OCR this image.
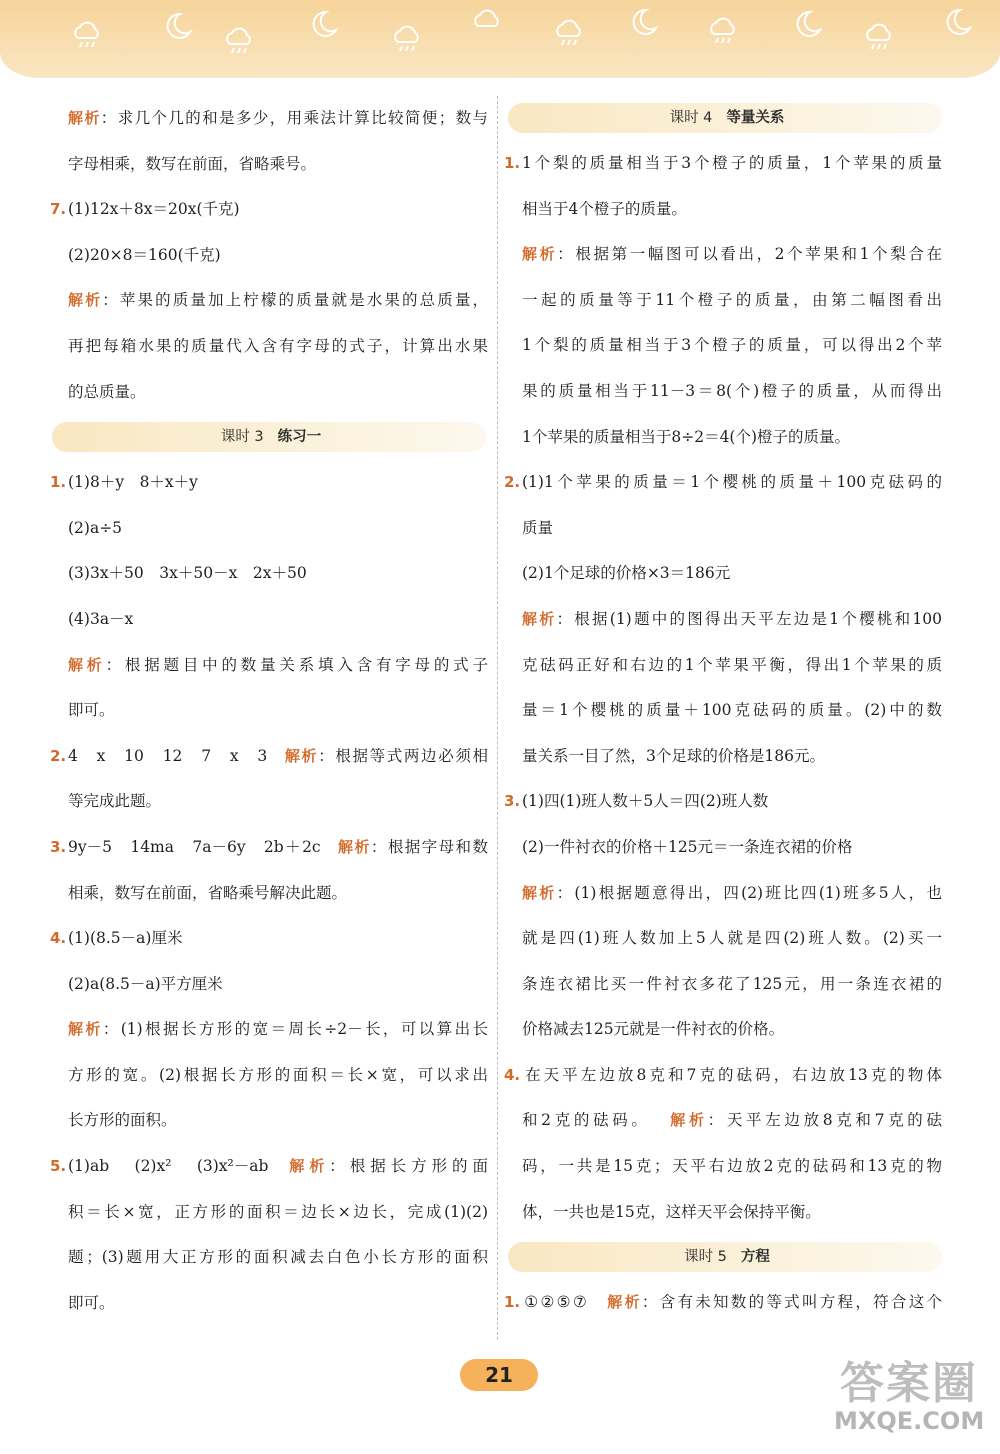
解析：求几个几的和是多少，用乘法计算比较简便；数与
字母相乘，数写在前面，省略乘号。
7. (1)12x＋8x＝20x(千克)
(2)20×8＝160(千克)
解析：苹果的质量加上柠檬的质量就是水果的总质量，
再把每箱水果的质量代入含有字母的式子，计算出水果
的总质量。
课时 3 练习一
1. (1)8＋y　8＋x＋y
(2)a÷5
(3)3x＋50　3x＋50－x　2x＋50
(4)3a－x
解析：根据题目中的数量关系填入含有字母的式子
即可。
2. 4　x　10　12　7　x　3 解析：根据等式两边必须相
等完成此题。
3. 9y－5　14ma　7a－6y　2b＋2c 解析：根据字母和数
相乘，数写在前面，省略乘号解决此题。
4. (1)(8.5－a)厘米
(2)a(8.5－a)平方厘米
解析：(1)根据长方形的宽＝周长÷2－长，可以算出长
方形的宽。(2)根据长方形的面积＝长×宽，可以求出
长方形的面积。
5. (1)ab　(2)x²　(3)x²－ab 解析：根据长方形的面
积＝长×宽，正方形的面积＝边长×边长，完成(1)(2)
题；(3)题用大正方形的面积减去白色小长方形的面积
即可。
课时 4 等量关系
1. 1个梨的质量相当于3个橙子的质量，1个苹果的质量
相当于4个橙子的质量。
解析：根据第一幅图可以看出，2个苹果和1个梨合在
一起的质量等于11个橙子的质量，由第二幅图看出
1个梨的质量相当于3个橙子的质量，可以得出2个苹
果的质量相当于11－3＝8(个)橙子的质量，从而得出
1个苹果的质量相当于8÷2＝4(个)橙子的质量。
2. (1)1个苹果的质量＝1个樱桃的质量＋100克砝码的
质量
(2)1个足球的价格×3＝186元
解析：根据(1)题中的图得出天平左边是1个樱桃和100
克砝码正好和右边的1个苹果平衡，得出1个苹果的质
量＝1个樱桃的质量＋100克砝码的质量。(2)中的数
量关系一目了然，3个足球的价格是186元。
3. (1)四(1)班人数＋5人＝四(2)班人数
(2)一件衬衣的价格＋125元＝一条连衣裙的价格
解析：(1)根据题意得出，四(2)班比四(1)班多5人，也
就是四(1)班人数加上5人就是四(2)班人数。(2)买一
条连衣裙比买一件衬衣多花了125元，用一条连衣裙的
价格减去125元就是一件衬衣的价格。
4. 在天平左边放8克和7克的砝码，右边放13克的物体
和2克的砝码。 解析：天平左边放8克和7克的砝
码，一共是15克；天平右边放2克的砝码和13克的物
体，一共也是15克，这样天平会保持平衡。
课时 5 方程
1. ①②⑤⑦ 解析：含有未知数的等式叫方程，符合这个
21	答案圈
MXQE.COM
